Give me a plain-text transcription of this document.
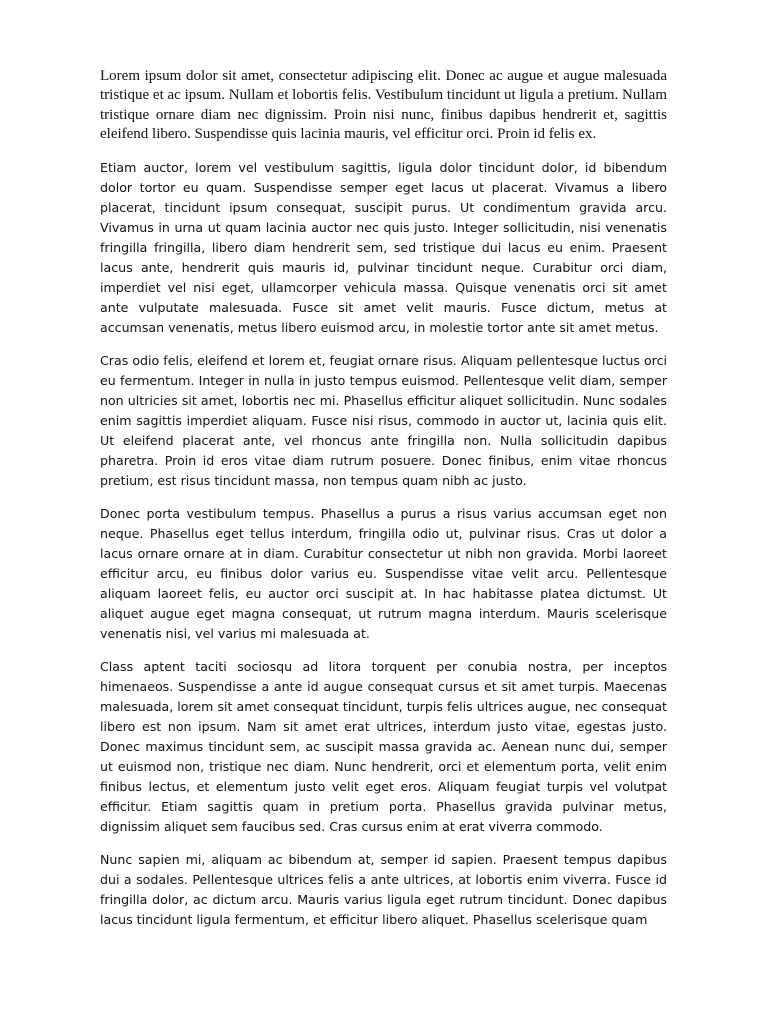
Lorem ipsum dolor sit amet, consectetur adipiscing elit. Donec ac augue et augue malesuada tristique et ac ipsum. Nullam et lobortis felis. Vestibulum tincidunt ut ligula a pretium. Nullam tristique ornare diam nec dignissim. Proin nisi nunc, finibus dapibus hendrerit et, sagittis eleifend libero. Suspendisse quis lacinia mauris, vel efficitur orci. Proin id felis ex.

Etiam auctor, lorem vel vestibulum sagittis, ligula dolor tincidunt dolor, id bibendum dolor tortor eu quam. Suspendisse semper eget lacus ut placerat. Vivamus a libero placerat, tincidunt ipsum consequat, suscipit purus. Ut condimentum gravida arcu. Vivamus in urna ut quam lacinia auctor nec quis justo. Integer sollicitudin, nisi venenatis fringilla fringilla, libero diam hendrerit sem, sed tristique dui lacus eu enim. Praesent lacus ante, hendrerit quis mauris id, pulvinar tincidunt neque. Curabitur orci diam, imperdiet vel nisi eget, ullamcorper vehicula massa. Quisque venenatis orci sit amet ante vulputate malesuada. Fusce sit amet velit mauris. Fusce dictum, metus at accumsan venenatis, metus libero euismod arcu, in molestie tortor ante sit amet metus.

Cras odio felis, eleifend et lorem et, feugiat ornare risus. Aliquam pellentesque luctus orci eu fermentum. Integer in nulla in justo tempus euismod. Pellentesque velit diam, semper non ultricies sit amet, lobortis nec mi. Phasellus efficitur aliquet sollicitudin. Nunc sodales enim sagittis imperdiet aliquam. Fusce nisi risus, commodo in auctor ut, lacinia quis elit. Ut eleifend placerat ante, vel rhoncus ante fringilla non. Nulla sollicitudin dapibus pharetra. Proin id eros vitae diam rutrum posuere. Donec finibus, enim vitae rhoncus pretium, est risus tincidunt massa, non tempus quam nibh ac justo.

Donec porta vestibulum tempus. Phasellus a purus a risus varius accumsan eget non neque. Phasellus eget tellus interdum, fringilla odio ut, pulvinar risus. Cras ut dolor a lacus ornare ornare at in diam. Curabitur consectetur ut nibh non gravida. Morbi laoreet efficitur arcu, eu finibus dolor varius eu. Suspendisse vitae velit arcu. Pellentesque aliquam laoreet felis, eu auctor orci suscipit at. In hac habitasse platea dictumst. Ut aliquet augue eget magna consequat, ut rutrum magna interdum. Mauris scelerisque venenatis nisi, vel varius mi malesuada at.

Class aptent taciti sociosqu ad litora torquent per conubia nostra, per inceptos himenaeos. Suspendisse a ante id augue consequat cursus et sit amet turpis. Maecenas malesuada, lorem sit amet consequat tincidunt, turpis felis ultrices augue, nec consequat libero est non ipsum. Nam sit amet erat ultrices, interdum justo vitae, egestas justo. Donec maximus tincidunt sem, ac suscipit massa gravida ac. Aenean nunc dui, semper ut euismod non, tristique nec diam. Nunc hendrerit, orci et elementum porta, velit enim finibus lectus, et elementum justo velit eget eros. Aliquam feugiat turpis vel volutpat efficitur. Etiam sagittis quam in pretium porta. Phasellus gravida pulvinar metus, dignissim aliquet sem faucibus sed. Cras cursus enim at erat viverra commodo.

Nunc sapien mi, aliquam ac bibendum at, semper id sapien. Praesent tempus dapibus dui a sodales. Pellentesque ultrices felis a ante ultrices, at lobortis enim viverra. Fusce id fringilla dolor, ac dictum arcu. Mauris varius ligula eget rutrum tincidunt. Donec dapibus lacus tincidunt ligula fermentum, et efficitur libero aliquet. Phasellus scelerisque quam
